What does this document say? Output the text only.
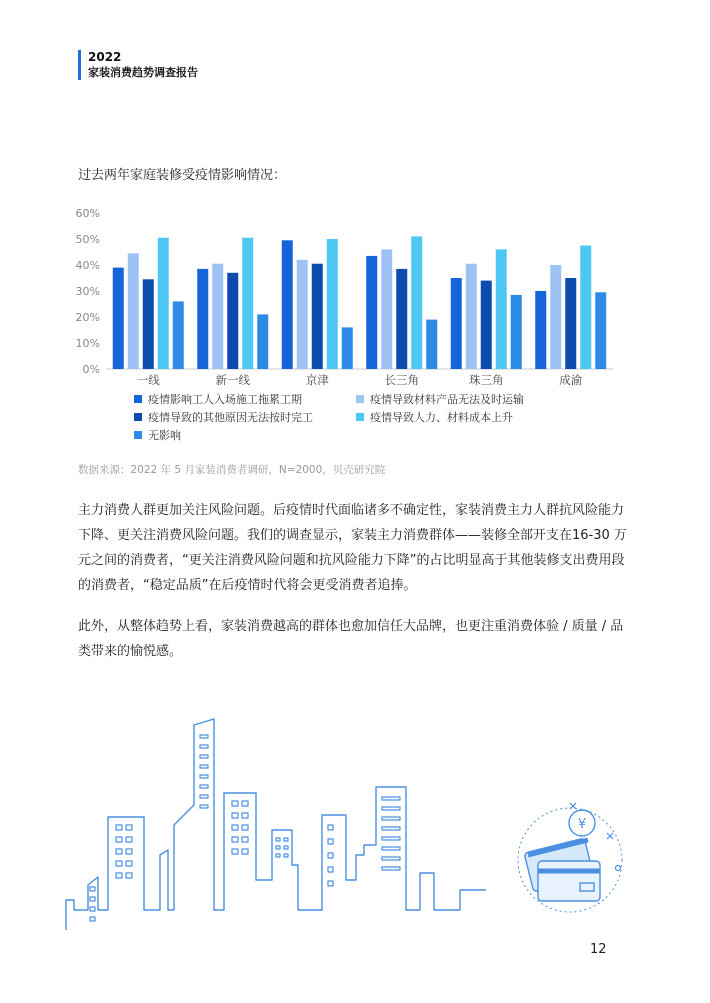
2022
家装消费趋势调查报告
过去两年家庭装修受疫情影响情况：
0%
10%
20%
30%
40%
50%
60%
一线	新一线	京津	长三角	珠三角	成渝
疫情影响工人入场施工拖累工期	疫情导致材料产品无法及时运输
疫情导致的其他原因无法按时完工	疫情导致人力、材料成本上升
无影响
数据来源：2022 年 5 月家装消费者调研，N=2000，贝壳研究院

主力消费人群更加关注风险问题。后疫情时代面临诸多不确定性，家装消费主力人群抗风险能力下降、更关注消费风险问题。我们的调查显示，家装主力消费群体——装修全部开支在16-30 万元之间的消费者，“更关注消费风险问题和抗风险能力下降”的占比明显高于其他装修支出费用段的消费者，“稳定品质”在后疫情时代将会更受消费者追捧。

此外，从整体趋势上看，家装消费越高的群体也愈加信任大品牌，也更注重消费体验 / 质量 / 品类带来的愉悦感。

¥
12
